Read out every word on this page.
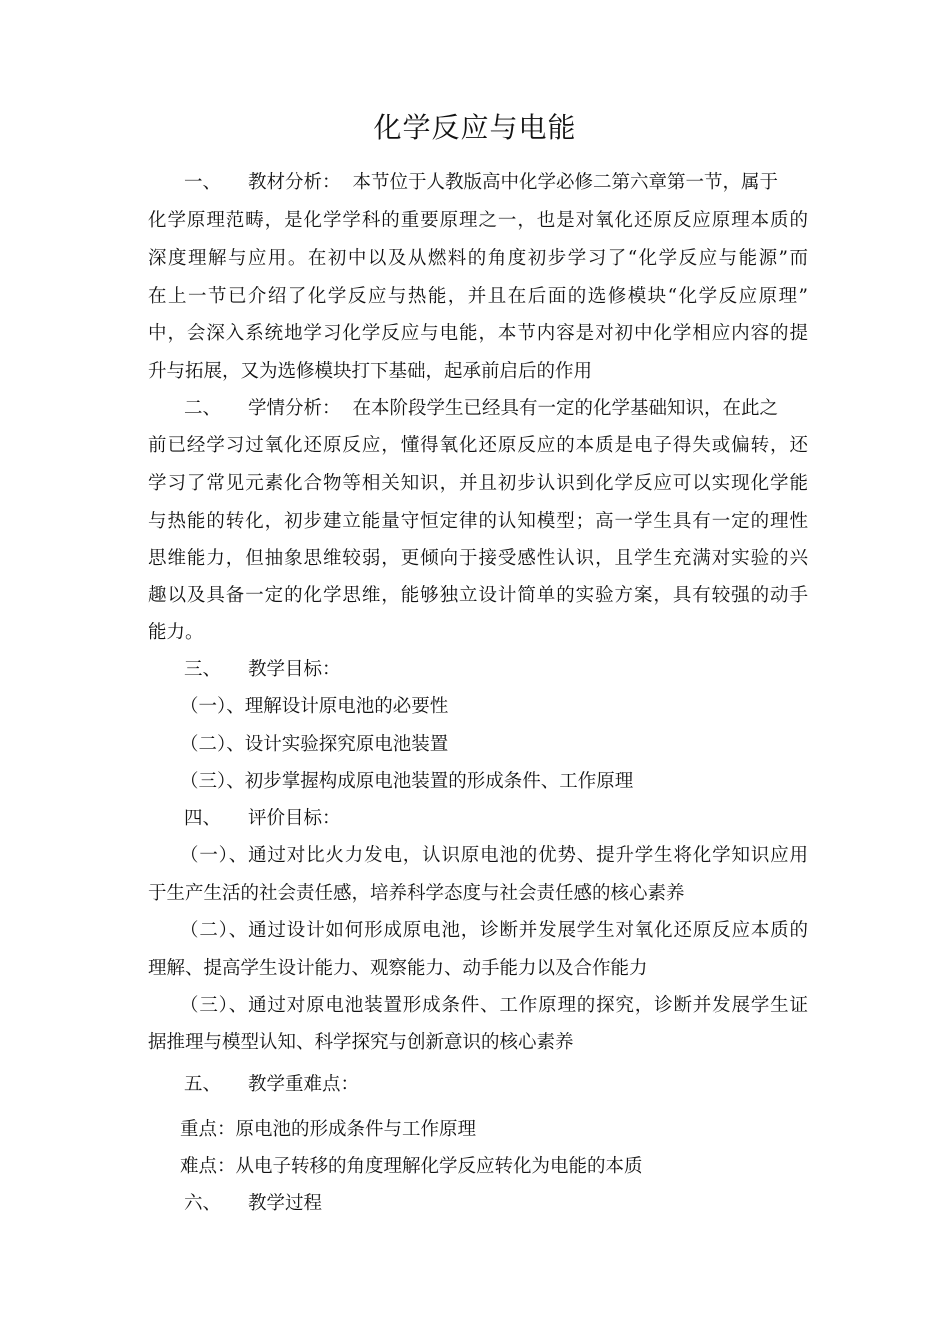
化学反应与电能
一、 教材分析： 本节位于人教版高中化学必修二第六章第一节，属于
化学原理范畴，是化学学科的重要原理之一，也是对氧化还原反应原理本质的
深度理解与应用。在初中以及从燃料的角度初步学习了“化学反应与能源”而
在上一节已介绍了化学反应与热能，并且在后面的选修模块“化学反应原理”
中，会深入系统地学习化学反应与电能，本节内容是对初中化学相应内容的提
升与拓展，又为选修模块打下基础，起承前启后的作用
二、 学情分析： 在本阶段学生已经具有一定的化学基础知识，在此之
前已经学习过氧化还原反应，懂得氧化还原反应的本质是电子得失或偏转，还
学习了常见元素化合物等相关知识，并且初步认识到化学反应可以实现化学能
与热能的转化，初步建立能量守恒定律的认知模型；高一学生具有一定的理性
思维能力，但抽象思维较弱，更倾向于接受感性认识，且学生充满对实验的兴
趣以及具备一定的化学思维，能够独立设计简单的实验方案，具有较强的动手
能力。
三、 教学目标：
（一）、理解设计原电池的必要性
（二）、设计实验探究原电池装置
（三）、初步掌握构成原电池装置的形成条件、工作原理
四、 评价目标：
（一）、通过对比火力发电，认识原电池的优势、提升学生将化学知识应用
于生产生活的社会责任感，培养科学态度与社会责任感的核心素养
（二）、通过设计如何形成原电池，诊断并发展学生对氧化还原反应本质的
理解、提高学生设计能力、观察能力、动手能力以及合作能力
（三）、通过对原电池装置形成条件、工作原理的探究，诊断并发展学生证
据推理与模型认知、科学探究与创新意识的核心素养
五、 教学重难点：
重点：原电池的形成条件与工作原理
难点：从电子转移的角度理解化学反应转化为电能的本质
六、 教学过程
